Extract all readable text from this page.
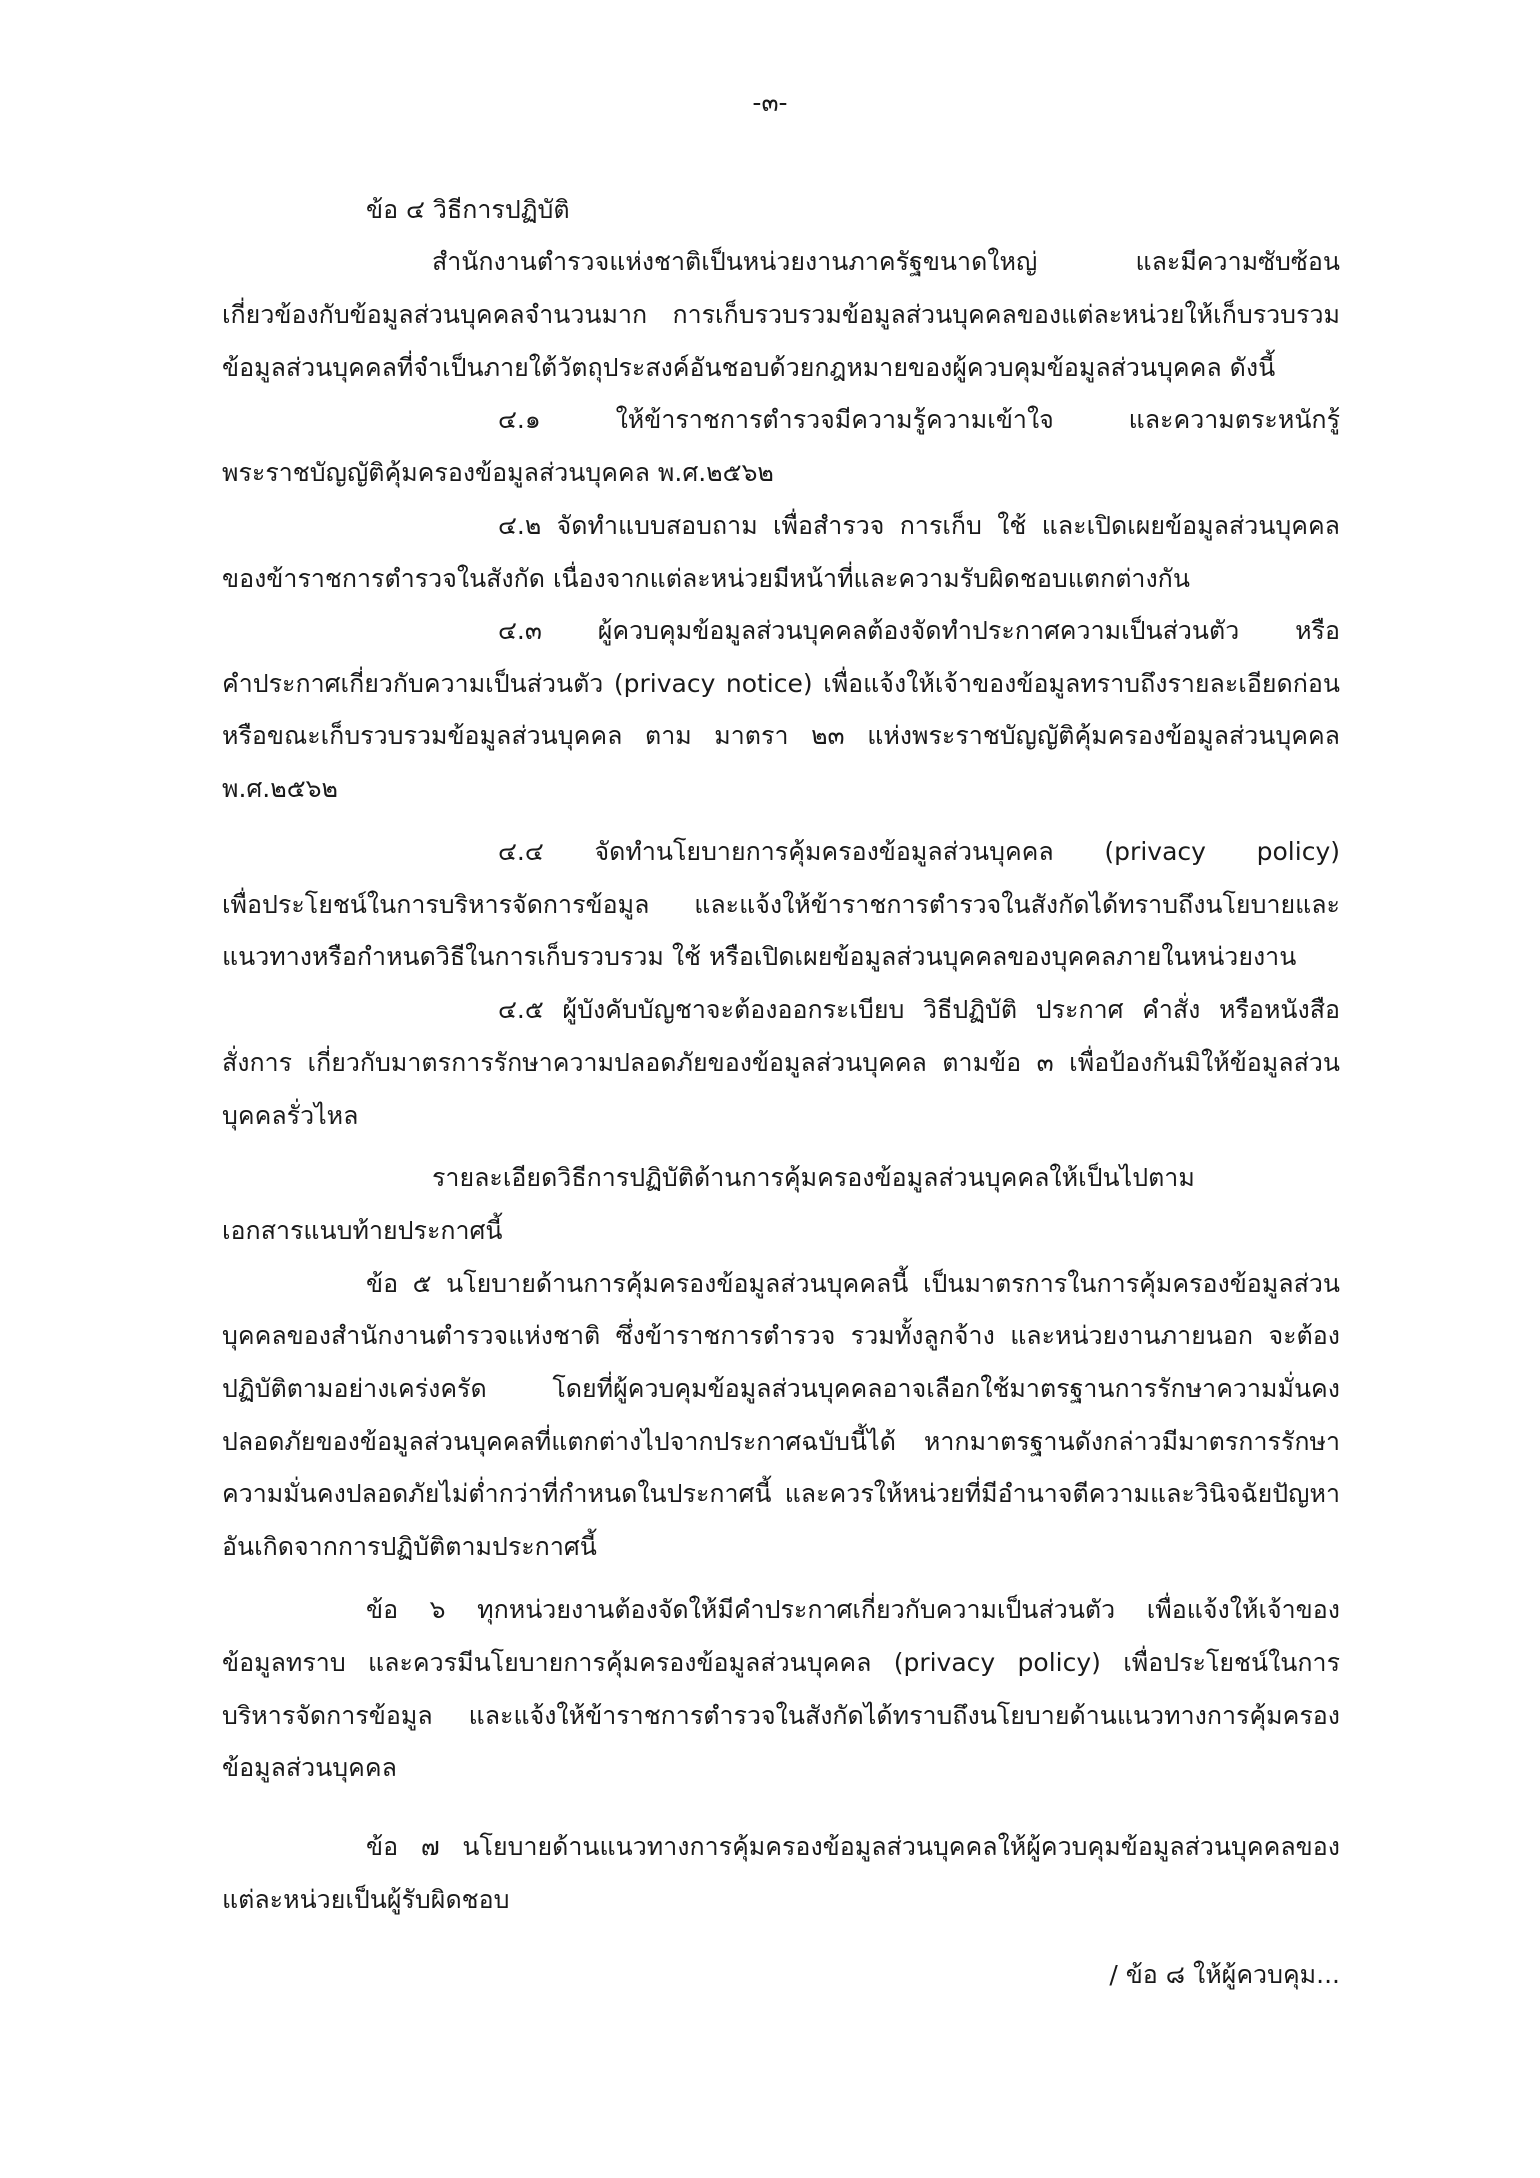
-๓-
ข้อ ๔ วิธีการปฏิบัติ
สำนักงานตำรวจแห่งชาติเป็นหน่วยงานภาครัฐขนาดใหญ่ และมีความซับซ้อน
เกี่ยวข้องกับข้อมูลส่วนบุคคลจำนวนมาก การเก็บรวบรวมข้อมูลส่วนบุคคลของแต่ละหน่วยให้เก็บรวบรวม
ข้อมูลส่วนบุคคลที่จำเป็นภายใต้วัตถุประสงค์อันชอบด้วยกฎหมายของผู้ควบคุมข้อมูลส่วนบุคคล ดังนี้
๔.๑ ให้ข้าราชการตำรวจมีความรู้ความเข้าใจ และความตระหนักรู้
พระราชบัญญัติคุ้มครองข้อมูลส่วนบุคคล พ.ศ.๒๕๖๒
๔.๒ จัดทำแบบสอบถาม เพื่อสำรวจ การเก็บ ใช้ และเปิดเผยข้อมูลส่วนบุคคล
ของข้าราชการตำรวจในสังกัด เนื่องจากแต่ละหน่วยมีหน้าที่และความรับผิดชอบแตกต่างกัน
๔.๓ ผู้ควบคุมข้อมูลส่วนบุคคลต้องจัดทำประกาศความเป็นส่วนตัว หรือ
คำประกาศเกี่ยวกับความเป็นส่วนตัว (privacy notice) เพื่อแจ้งให้เจ้าของข้อมูลทราบถึงรายละเอียดก่อน
หรือขณะเก็บรวบรวมข้อมูลส่วนบุคคล ตาม มาตรา ๒๓ แห่งพระราชบัญญัติคุ้มครองข้อมูลส่วนบุคคล
พ.ศ.๒๕๖๒
๔.๔ จัดทำนโยบายการคุ้มครองข้อมูลส่วนบุคคล (privacy policy)
เพื่อประโยชน์ในการบริหารจัดการข้อมูล และแจ้งให้ข้าราชการตำรวจในสังกัดได้ทราบถึงนโยบายและ
แนวทางหรือกำหนดวิธีในการเก็บรวบรวม ใช้ หรือเปิดเผยข้อมูลส่วนบุคคลของบุคคลภายในหน่วยงาน
๔.๕ ผู้บังคับบัญชาจะต้องออกระเบียบ วิธีปฏิบัติ ประกาศ คำสั่ง หรือหนังสือ
สั่งการ เกี่ยวกับมาตรการรักษาความปลอดภัยของข้อมูลส่วนบุคคล ตามข้อ ๓ เพื่อป้องกันมิให้ข้อมูลส่วน
บุคคลรั่วไหล
รายละเอียดวิธีการปฏิบัติด้านการคุ้มครองข้อมูลส่วนบุคคลให้เป็นไปตาม
เอกสารแนบท้ายประกาศนี้
ข้อ ๕ นโยบายด้านการคุ้มครองข้อมูลส่วนบุคคลนี้ เป็นมาตรการในการคุ้มครองข้อมูลส่วน
บุคคลของสำนักงานตำรวจแห่งชาติ ซึ่งข้าราชการตำรวจ รวมทั้งลูกจ้าง และหน่วยงานภายนอก จะต้อง
ปฏิบัติตามอย่างเคร่งครัด โดยที่ผู้ควบคุมข้อมูลส่วนบุคคลอาจเลือกใช้มาตรฐานการรักษาความมั่นคง
ปลอดภัยของข้อมูลส่วนบุคคลที่แตกต่างไปจากประกาศฉบับนี้ได้ หากมาตรฐานดังกล่าวมีมาตรการรักษา
ความมั่นคงปลอดภัยไม่ต่ำกว่าที่กำหนดในประกาศนี้ และควรให้หน่วยที่มีอำนาจตีความและวินิจฉัยปัญหา
อันเกิดจากการปฏิบัติตามประกาศนี้
ข้อ ๖ ทุกหน่วยงานต้องจัดให้มีคำประกาศเกี่ยวกับความเป็นส่วนตัว เพื่อแจ้งให้เจ้าของ
ข้อมูลทราบ และควรมีนโยบายการคุ้มครองข้อมูลส่วนบุคคล (privacy policy) เพื่อประโยชน์ในการ
บริหารจัดการข้อมูล และแจ้งให้ข้าราชการตำรวจในสังกัดได้ทราบถึงนโยบายด้านแนวทางการคุ้มครอง
ข้อมูลส่วนบุคคล
ข้อ ๗ นโยบายด้านแนวทางการคุ้มครองข้อมูลส่วนบุคคลให้ผู้ควบคุมข้อมูลส่วนบุคคลของ
แต่ละหน่วยเป็นผู้รับผิดชอบ
/ ข้อ ๘ ให้ผู้ควบคุม...
